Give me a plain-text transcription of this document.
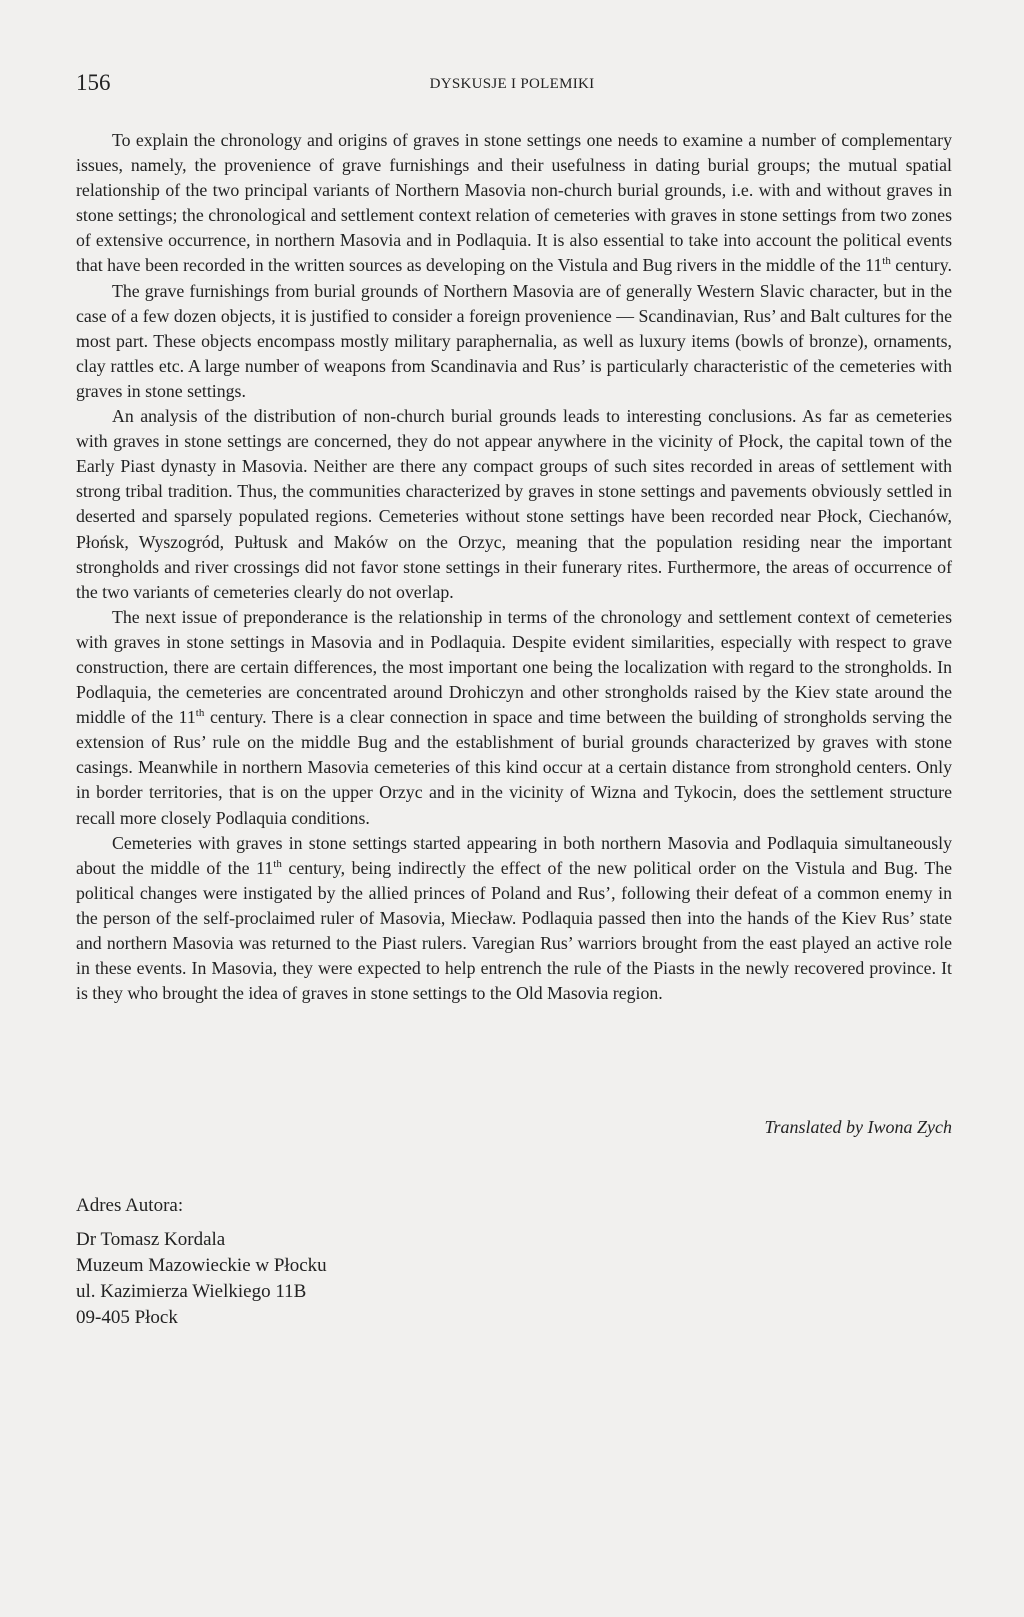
156	DYSKUSJE I POLEMIKI

To explain the chronology and origins of graves in stone settings one needs to examine a number of complementary issues, namely, the provenience of grave furnishings and their usefulness in dating burial groups; the mutual spatial relationship of the two principal variants of Northern Masovia non-church burial grounds, i.e. with and without graves in stone settings; the chronological and settlement context relation of cemeteries with graves in stone settings from two zones of extensive occurrence, in northern Masovia and in Podlaquia. It is also essential to take into account the political events that have been recorded in the written sources as developing on the Vistula and Bug rivers in the middle of the 11th century.

The grave furnishings from burial grounds of Northern Masovia are of generally Western Slavic character, but in the case of a few dozen objects, it is justified to consider a foreign provenience — Scandinavian, Rus’ and Balt cultures for the most part. These objects encompass mostly military paraphernalia, as well as luxury items (bowls of bronze), ornaments, clay rattles etc. A large number of weapons from Scandinavia and Rus’ is particularly characteristic of the cemeteries with graves in stone settings.

An analysis of the distribution of non-church burial grounds leads to interesting conclusions. As far as cemeteries with graves in stone settings are concerned, they do not appear anywhere in the vicinity of Płock, the capital town of the Early Piast dynasty in Masovia. Neither are there any compact groups of such sites recorded in areas of settlement with strong tribal tradition. Thus, the communities characterized by graves in stone settings and pavements obviously settled in deserted and sparsely populated regions. Cemeteries without stone settings have been recorded near Płock, Ciechanów, Płońsk, Wyszogród, Pułtusk and Maków on the Orzyc, meaning that the population residing near the important strongholds and river crossings did not favor stone settings in their funerary rites. Furthermore, the areas of occurrence of the two variants of cemeteries clearly do not overlap.

The next issue of preponderance is the relationship in terms of the chronology and settlement context of cemeteries with graves in stone settings in Masovia and in Podlaquia. Despite evident similarities, especially with respect to grave construction, there are certain differences, the most important one being the localization with regard to the strongholds. In Podlaquia, the cemeteries are concentrated around Drohiczyn and other strongholds raised by the Kiev state around the middle of the 11th century. There is a clear connection in space and time between the building of strongholds serving the extension of Rus’ rule on the middle Bug and the establishment of burial grounds characterized by graves with stone casings. Meanwhile in northern Masovia cemeteries of this kind occur at a certain distance from stronghold centers. Only in border territories, that is on the upper Orzyc and in the vicinity of Wizna and Tykocin, does the settlement structure recall more closely Podlaquia conditions.

Cemeteries with graves in stone settings started appearing in both northern Masovia and Podlaquia simultaneously about the middle of the 11th century, being indirectly the effect of the new political order on the Vistula and Bug. The political changes were instigated by the allied princes of Poland and Rus’, following their defeat of a common enemy in the person of the self-proclaimed ruler of Masovia, Miecław. Podlaquia passed then into the hands of the Kiev Rus’ state and northern Masovia was returned to the Piast rulers. Varegian Rus’ warriors brought from the east played an active role in these events. In Masovia, they were expected to help entrench the rule of the Piasts in the newly recovered province. It is they who brought the idea of graves in stone settings to the Old Masovia region.

Translated by Iwona Zych
Adres Autora:
Dr Tomasz Kordala
Muzeum Mazowieckie w Płocku
ul. Kazimierza Wielkiego 11B
09-405 Płock
